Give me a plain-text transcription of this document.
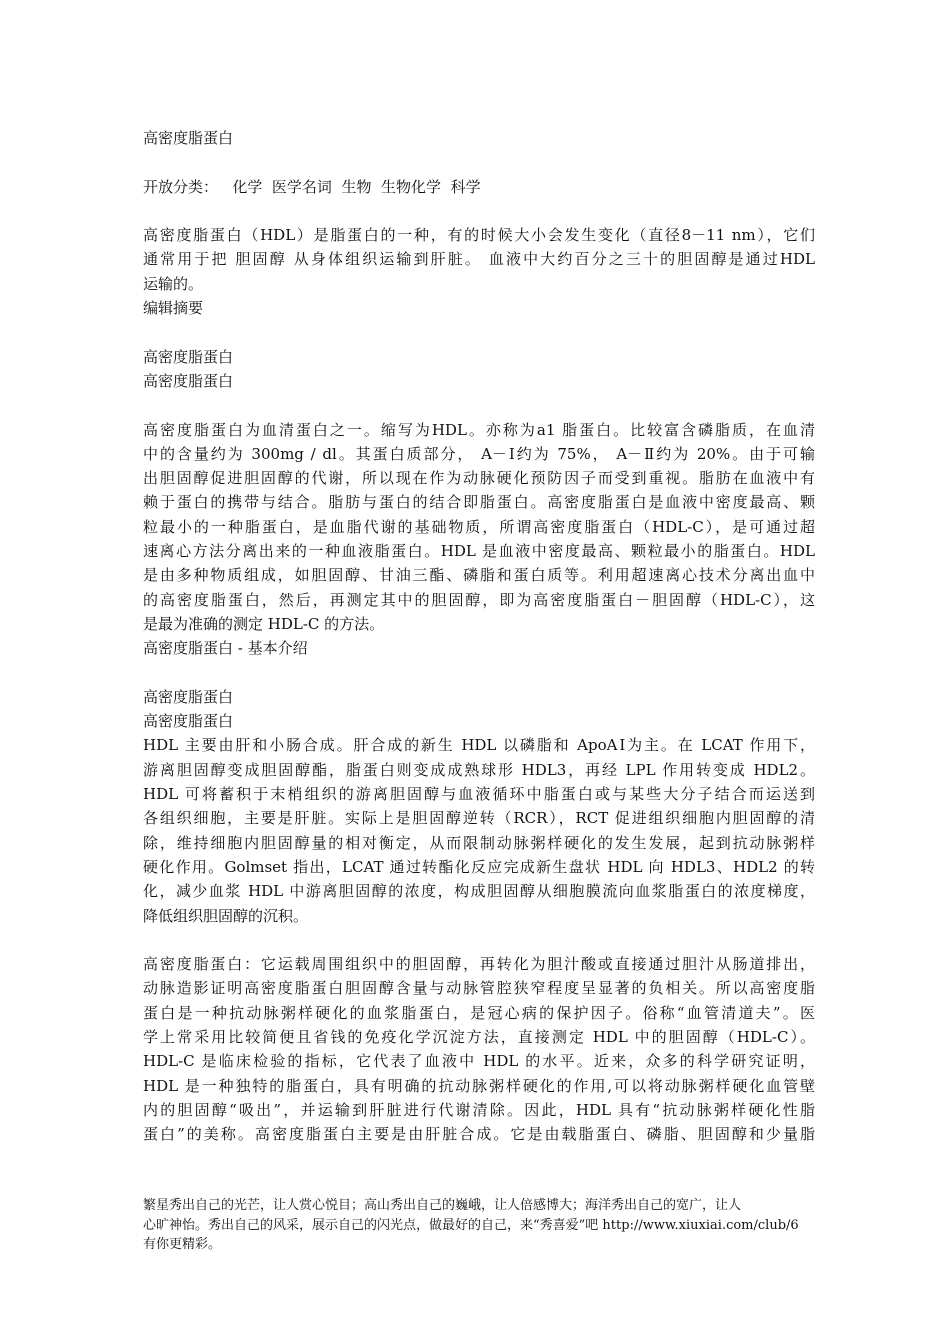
高密度脂蛋白
开放分类： 化学 医学名词 生物 生物化学 科学
高密度脂蛋白（HDL）是脂蛋白的一种，有的时候大小会发生变化（直径8－11 nm），它们
通常用于把 胆固醇 从身体组织运输到肝脏。 血液中大约百分之三十的胆固醇是通过HDL
运输的。
编辑摘要
高密度脂蛋白
高密度脂蛋白
高密度脂蛋白为血清蛋白之一。缩写为HDL。亦称为a1 脂蛋白。比较富含磷脂质，在血清
中的含量约为 300mg / dl。其蛋白质部分， A－Ⅰ约为 75%， A－Ⅱ约为 20%。由于可输
出胆固醇促进胆固醇的代谢，所以现在作为动脉硬化预防因子而受到重视。脂肪在血液中有
赖于蛋白的携带与结合。脂肪与蛋白的结合即脂蛋白。高密度脂蛋白是血液中密度最高、颗
粒最小的一种脂蛋白，是血脂代谢的基础物质，所谓高密度脂蛋白（HDL-C），是可通过超
速离心方法分离出来的一种血液脂蛋白。HDL 是血液中密度最高、颗粒最小的脂蛋白。HDL
是由多种物质组成，如胆固醇、甘油三酯、磷脂和蛋白质等。利用超速离心技术分离出血中
的高密度脂蛋白，然后，再测定其中的胆固醇，即为高密度脂蛋白－胆固醇（HDL-C），这
是最为准确的测定 HDL-C 的方法。
高密度脂蛋白 - 基本介绍
高密度脂蛋白
高密度脂蛋白
HDL 主要由肝和小肠合成。肝合成的新生 HDL 以磷脂和 ApoAⅠ为主。在 LCAT 作用下，
游离胆固醇变成胆固醇酯，脂蛋白则变成成熟球形 HDL3，再经 LPL 作用转变成 HDL2。
HDL 可将蓄积于末梢组织的游离胆固醇与血液循环中脂蛋白或与某些大分子结合而运送到
各组织细胞，主要是肝脏。实际上是胆固醇逆转（RCR），RCT 促进组织细胞内胆固醇的清
除，维持细胞内胆固醇量的相对衡定，从而限制动脉粥样硬化的发生发展，起到抗动脉粥样
硬化作用。Golmset 指出，LCAT 通过转酯化反应完成新生盘状 HDL 向 HDL3、HDL2 的转
化，减少血浆 HDL 中游离胆固醇的浓度，构成胆固醇从细胞膜流向血浆脂蛋白的浓度梯度，
降低组织胆固醇的沉积。
高密度脂蛋白：它运载周围组织中的胆固醇，再转化为胆汁酸或直接通过胆汁从肠道排出，
动脉造影证明高密度脂蛋白胆固醇含量与动脉管腔狭窄程度呈显著的负相关。所以高密度脂
蛋白是一种抗动脉粥样硬化的血浆脂蛋白，是冠心病的保护因子。俗称“血管清道夫”。医
学上常采用比较简便且省钱的免疫化学沉淀方法，直接测定 HDL 中的胆固醇（HDL-C）。
HDL-C 是临床检验的指标，它代表了血液中 HDL 的水平。近来，众多的科学研究证明，
HDL 是一种独特的脂蛋白，具有明确的抗动脉粥样硬化的作用,可以将动脉粥样硬化血管壁
内的胆固醇“吸出”，并运输到肝脏进行代谢清除。因此，HDL 具有“抗动脉粥样硬化性脂
蛋白”的美称。高密度脂蛋白主要是由肝脏合成。它是由载脂蛋白、磷脂、胆固醇和少量脂
繁星秀出自己的光芒，让人赏心悦目；高山秀出自己的巍峨，让人倍感博大；海洋秀出自己的宽广，让人
心旷神怡。秀出自己的风采，展示自己的闪光点，做最好的自己，来“秀喜爱”吧 http://www.xiuxiai.com/club/6
有你更精彩。
